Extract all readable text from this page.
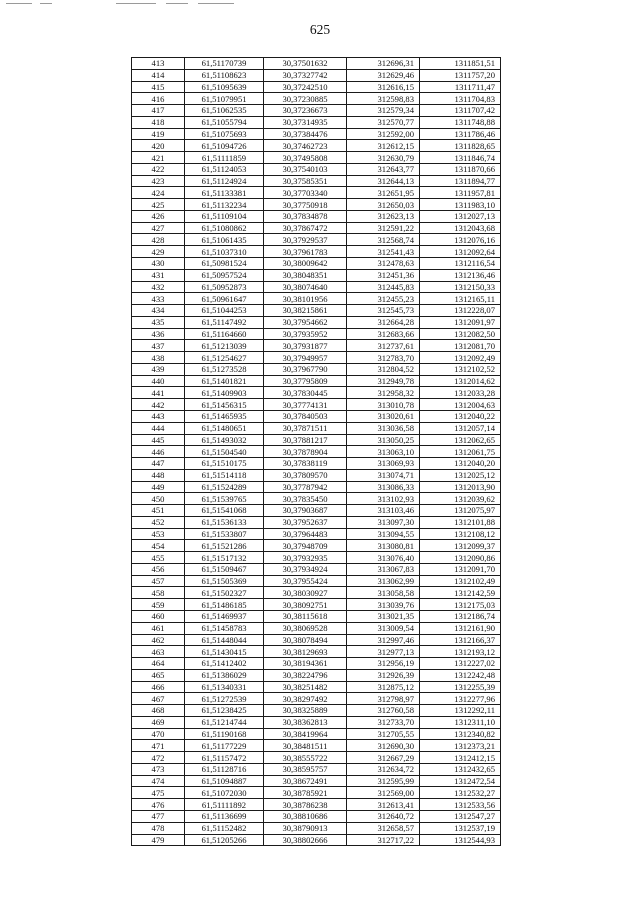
625
413	61,51170739	30,37501632	312696,31	1311851,51
414	61,51108623	30,37327742	312629,46	1311757,20
415	61,51095639	30,37242510	312616,15	1311711,47
416	61,51079951	30,37230885	312598,83	1311704,83
417	61,51062535	30,37236673	312579,34	1311707,42
418	61,51055794	30,37314935	312570,77	1311748,88
419	61,51075693	30,37384476	312592,00	1311786,46
420	61,51094726	30,37462723	312612,15	1311828,65
421	61,51111859	30,37495808	312630,79	1311846,74
422	61,51124053	30,37540103	312643,77	1311870,66
423	61,51124924	30,37585351	312644,13	1311894,77
424	61,51133381	30,37703340	312651,95	1311957,81
425	61,51132234	30,37750918	312650,03	1311983,10
426	61,51109104	30,37834878	312623,13	1312027,13
427	61,51080862	30,37867472	312591,22	1312043,68
428	61,51061435	30,37929537	312568,74	1312076,16
429	61,51037310	30,37961783	312541,43	1312092,64
430	61,50981524	30,38009642	312478,63	1312116,54
431	61,50957524	30,38048351	312451,36	1312136,46
432	61,50952873	30,38074640	312445,83	1312150,33
433	61,50961647	30,38101956	312455,23	1312165,11
434	61,51044253	30,38215861	312545,73	1312228,07
435	61,51147492	30,37954662	312664,28	1312091,97
436	61,51164660	30,37935952	312683,66	1312082,50
437	61,51213039	30,37931877	312737,61	1312081,70
438	61,51254627	30,37949957	312783,70	1312092,49
439	61,51273528	30,37967790	312804,52	1312102,52
440	61,51401821	30,37795809	312949,78	1312014,62
441	61,51409903	30,37830445	312958,32	1312033,28
442	61,51456315	30,37774131	313010,78	1312004,63
443	61,51465935	30,37840503	313020,61	1312040,22
444	61,51480651	30,37871511	313036,58	1312057,14
445	61,51493032	30,37881217	313050,25	1312062,65
446	61,51504540	30,37878904	313063,10	1312061,75
447	61,51510175	30,37838119	313069,93	1312040,20
448	61,51514118	30,37809570	313074,71	1312025,12
449	61,51524289	30,37787942	313086,33	1312013,90
450	61,51539765	30,37835450	313102,93	1312039,62
451	61,51541068	30,37903687	313103,46	1312075,97
452	61,51536133	30,37952637	313097,30	1312101,88
453	61,51533807	30,37964483	313094,55	1312108,12
454	61,51521286	30,37948709	313080,81	1312099,37
455	61,51517132	30,37932935	313076,40	1312090,86
456	61,51509467	30,37934924	313067,83	1312091,70
457	61,51505369	30,37955424	313062,99	1312102,49
458	61,51502327	30,38030927	313058,58	1312142,59
459	61,51486185	30,38092751	313039,76	1312175,03
460	61,51469937	30,38115618	313021,35	1312186,74
461	61,51458783	30,38069528	313009,54	1312161,90
462	61,51448044	30,38078494	312997,46	1312166,37
463	61,51430415	30,38129693	312977,13	1312193,12
464	61,51412402	30,38194361	312956,19	1312227,02
465	61,51386029	30,38224796	312926,39	1312242,48
466	61,51340331	30,38251482	312875,12	1312255,39
467	61,51272539	30,38297492	312798,97	1312277,96
468	61,51238425	30,38325889	312760,58	1312292,11
469	61,51214744	30,38362813	312733,70	1312311,10
470	61,51190168	30,38419964	312705,55	1312340,82
471	61,51177229	30,38481511	312690,30	1312373,21
472	61,51157472	30,38555722	312667,29	1312412,15
473	61,51128716	30,38595757	312634,72	1312432,65
474	61,51094887	30,38672491	312595,99	1312472,54
475	61,51072030	30,38785921	312569,00	1312532,27
476	61,51111892	30,38786238	312613,41	1312533,56
477	61,51136699	30,38810686	312640,72	1312547,27
478	61,51152482	30,38790913	312658,57	1312537,19
479	61,51205266	30,38802666	312717,22	1312544,93
